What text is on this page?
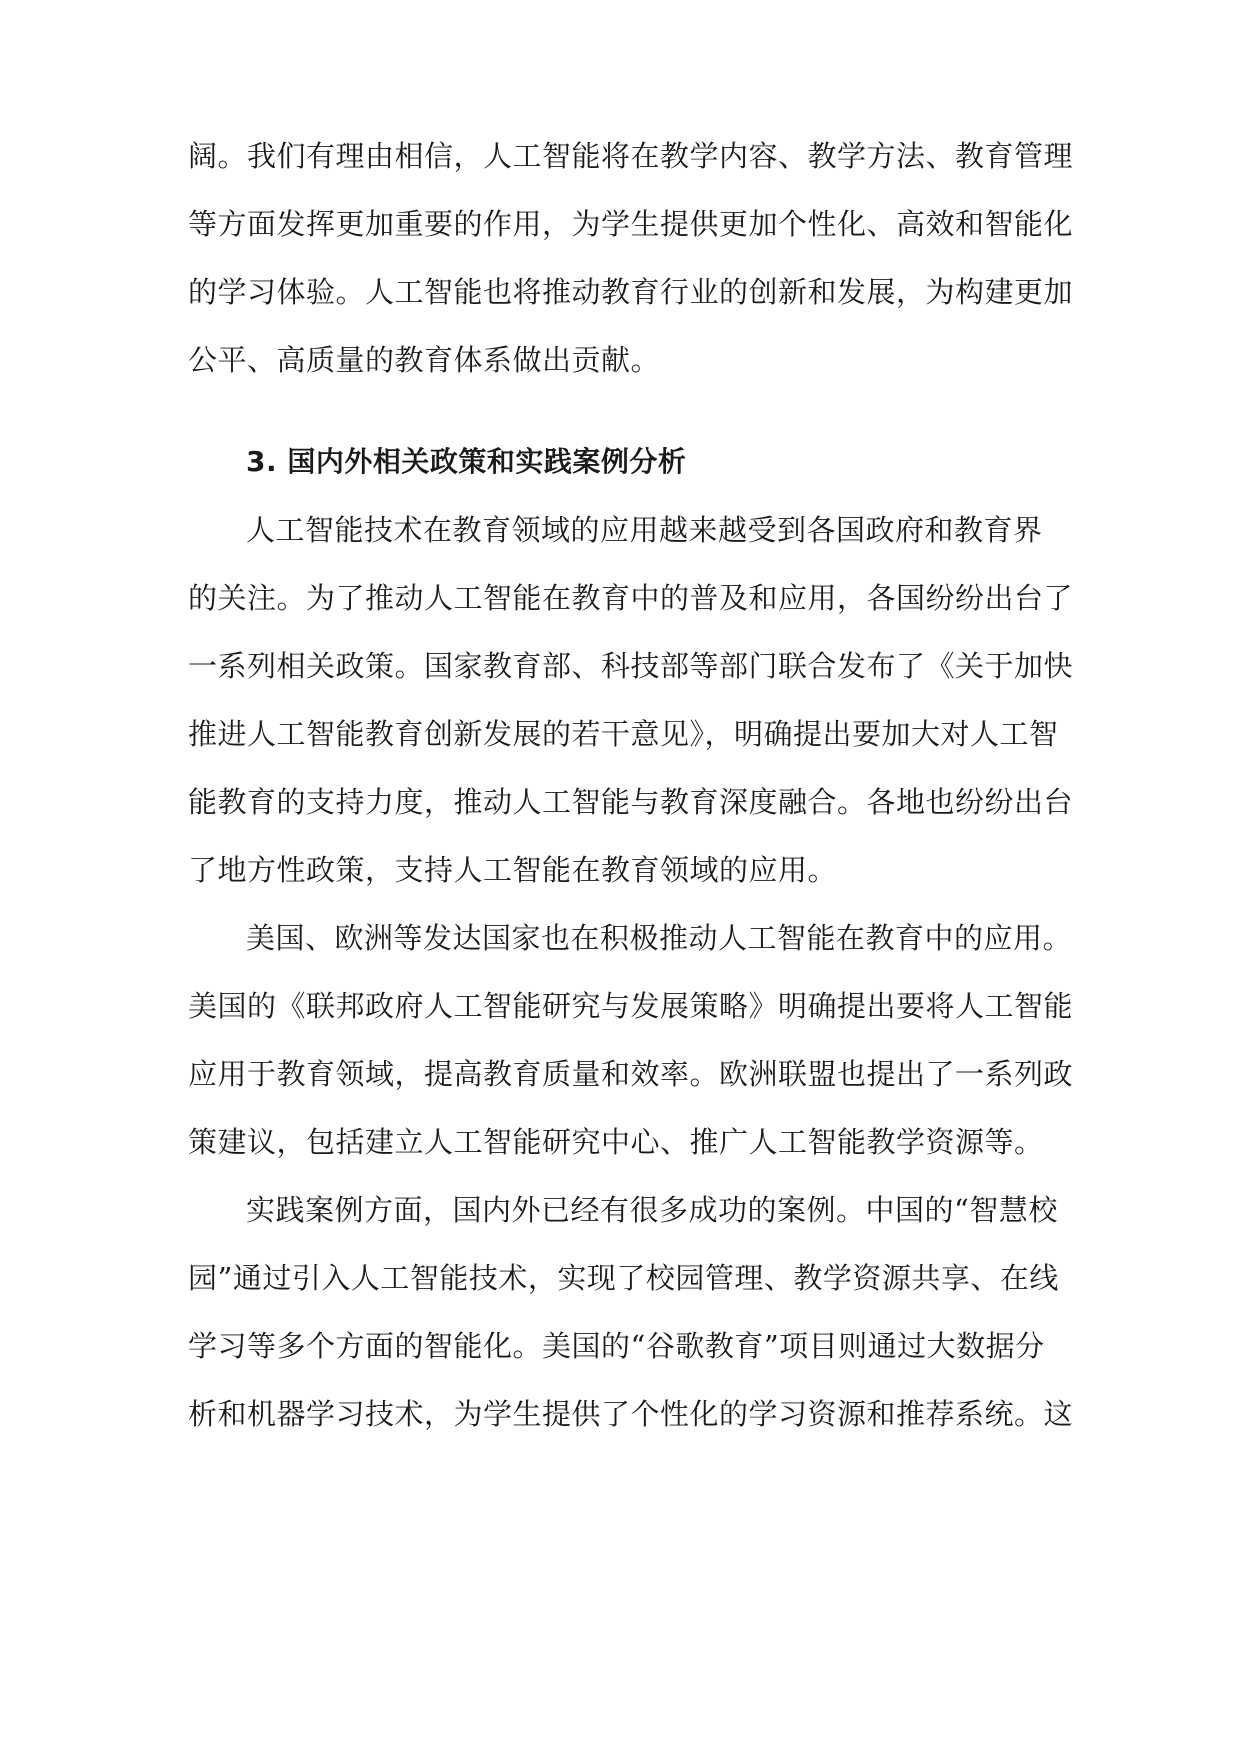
阔。我们有理由相信，人工智能将在教学内容、教学方法、教育管理
等方面发挥更加重要的作用，为学生提供更加个性化、高效和智能化
的学习体验。人工智能也将推动教育行业的创新和发展，为构建更加
公平、高质量的教育体系做出贡献。
3. 国内外相关政策和实践案例分析
人工智能技术在教育领域的应用越来越受到各国政府和教育界
的关注。为了推动人工智能在教育中的普及和应用，各国纷纷出台了
一系列相关政策。国家教育部、科技部等部门联合发布了《关于加快
推进人工智能教育创新发展的若干意见》，明确提出要加大对人工智
能教育的支持力度，推动人工智能与教育深度融合。各地也纷纷出台
了地方性政策，支持人工智能在教育领域的应用。
美国、欧洲等发达国家也在积极推动人工智能在教育中的应用。
美国的《联邦政府人工智能研究与发展策略》明确提出要将人工智能
应用于教育领域，提高教育质量和效率。欧洲联盟也提出了一系列政
策建议，包括建立人工智能研究中心、推广人工智能教学资源等。
实践案例方面，国内外已经有很多成功的案例。中国的“智慧校
园”通过引入人工智能技术，实现了校园管理、教学资源共享、在线
学习等多个方面的智能化。美国的“谷歌教育”项目则通过大数据分
析和机器学习技术，为学生提供了个性化的学习资源和推荐系统。这
